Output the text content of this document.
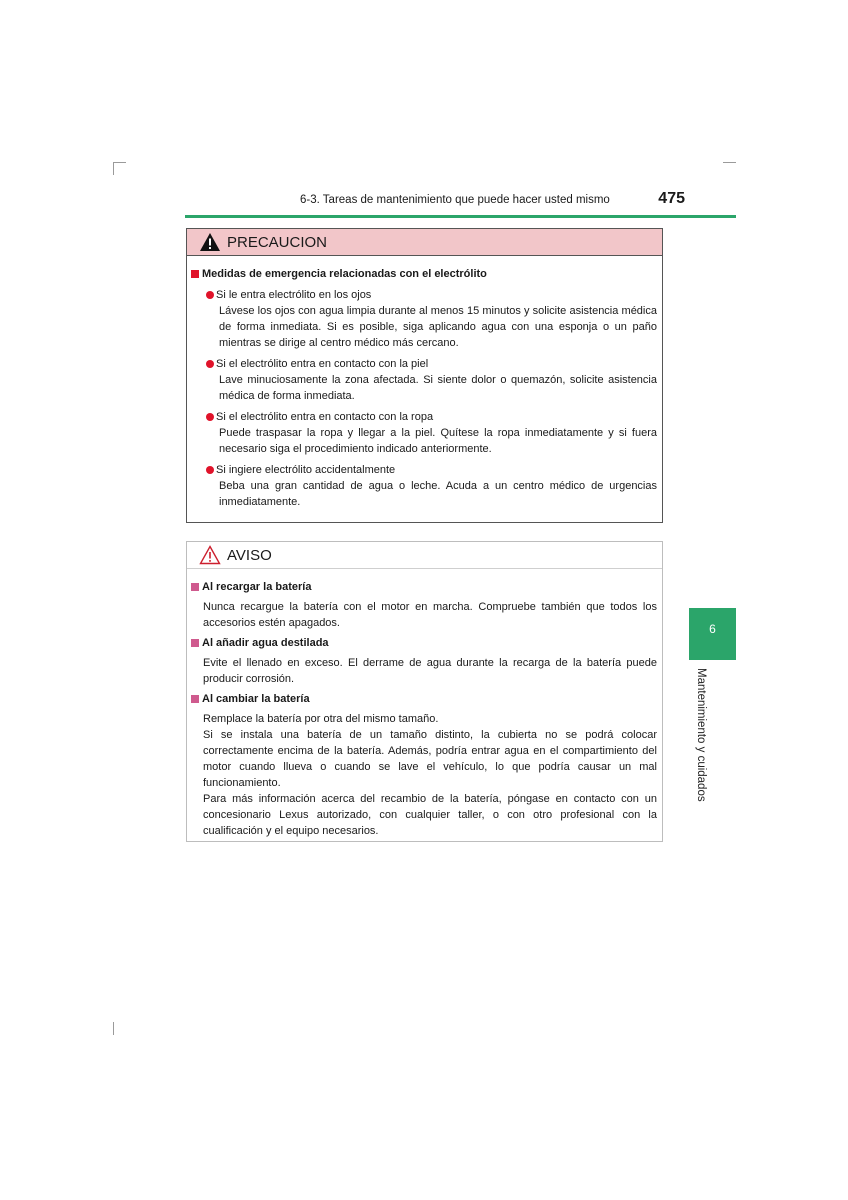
6-3. Tareas de mantenimiento que puede hacer usted mismo	475
6
Mantenimiento y cuidados
PRECAUCION
Medidas de emergencia relacionadas con el electrólito
Si le entra electrólito en los ojos
Lávese los ojos con agua limpia durante al menos 15 minutos y solicite asistencia médica de forma inmediata. Si es posible, siga aplicando agua con una esponja o un paño mientras se dirige al centro médico más cercano.
Si el electrólito entra en contacto con la piel
Lave minuciosamente la zona afectada. Si siente dolor o quemazón, solicite asistencia médica de forma inmediata.
Si el electrólito entra en contacto con la ropa
Puede traspasar la ropa y llegar a la piel. Quítese la ropa inmediatamente y si fuera necesario siga el procedimiento indicado anteriormente.
Si ingiere electrólito accidentalmente
Beba una gran cantidad de agua o leche. Acuda a un centro médico de urgencias inmediatamente.
AVISO
Al recargar la batería
Nunca recargue la batería con el motor en marcha. Compruebe también que todos los accesorios estén apagados.
Al añadir agua destilada
Evite el llenado en exceso. El derrame de agua durante la recarga de la batería puede producir corrosión.
Al cambiar la batería
Remplace la batería por otra del mismo tamaño.
Si se instala una batería de un tamaño distinto, la cubierta no se podrá colocar correctamente encima de la batería. Además, podría entrar agua en el compartimiento del motor cuando llueva o cuando se lave el vehículo, lo que podría causar un mal funcionamiento.
Para más información acerca del recambio de la batería, póngase en contacto con un concesionario Lexus autorizado, con cualquier taller, o con otro profesional con la cualificación y el equipo necesarios.
